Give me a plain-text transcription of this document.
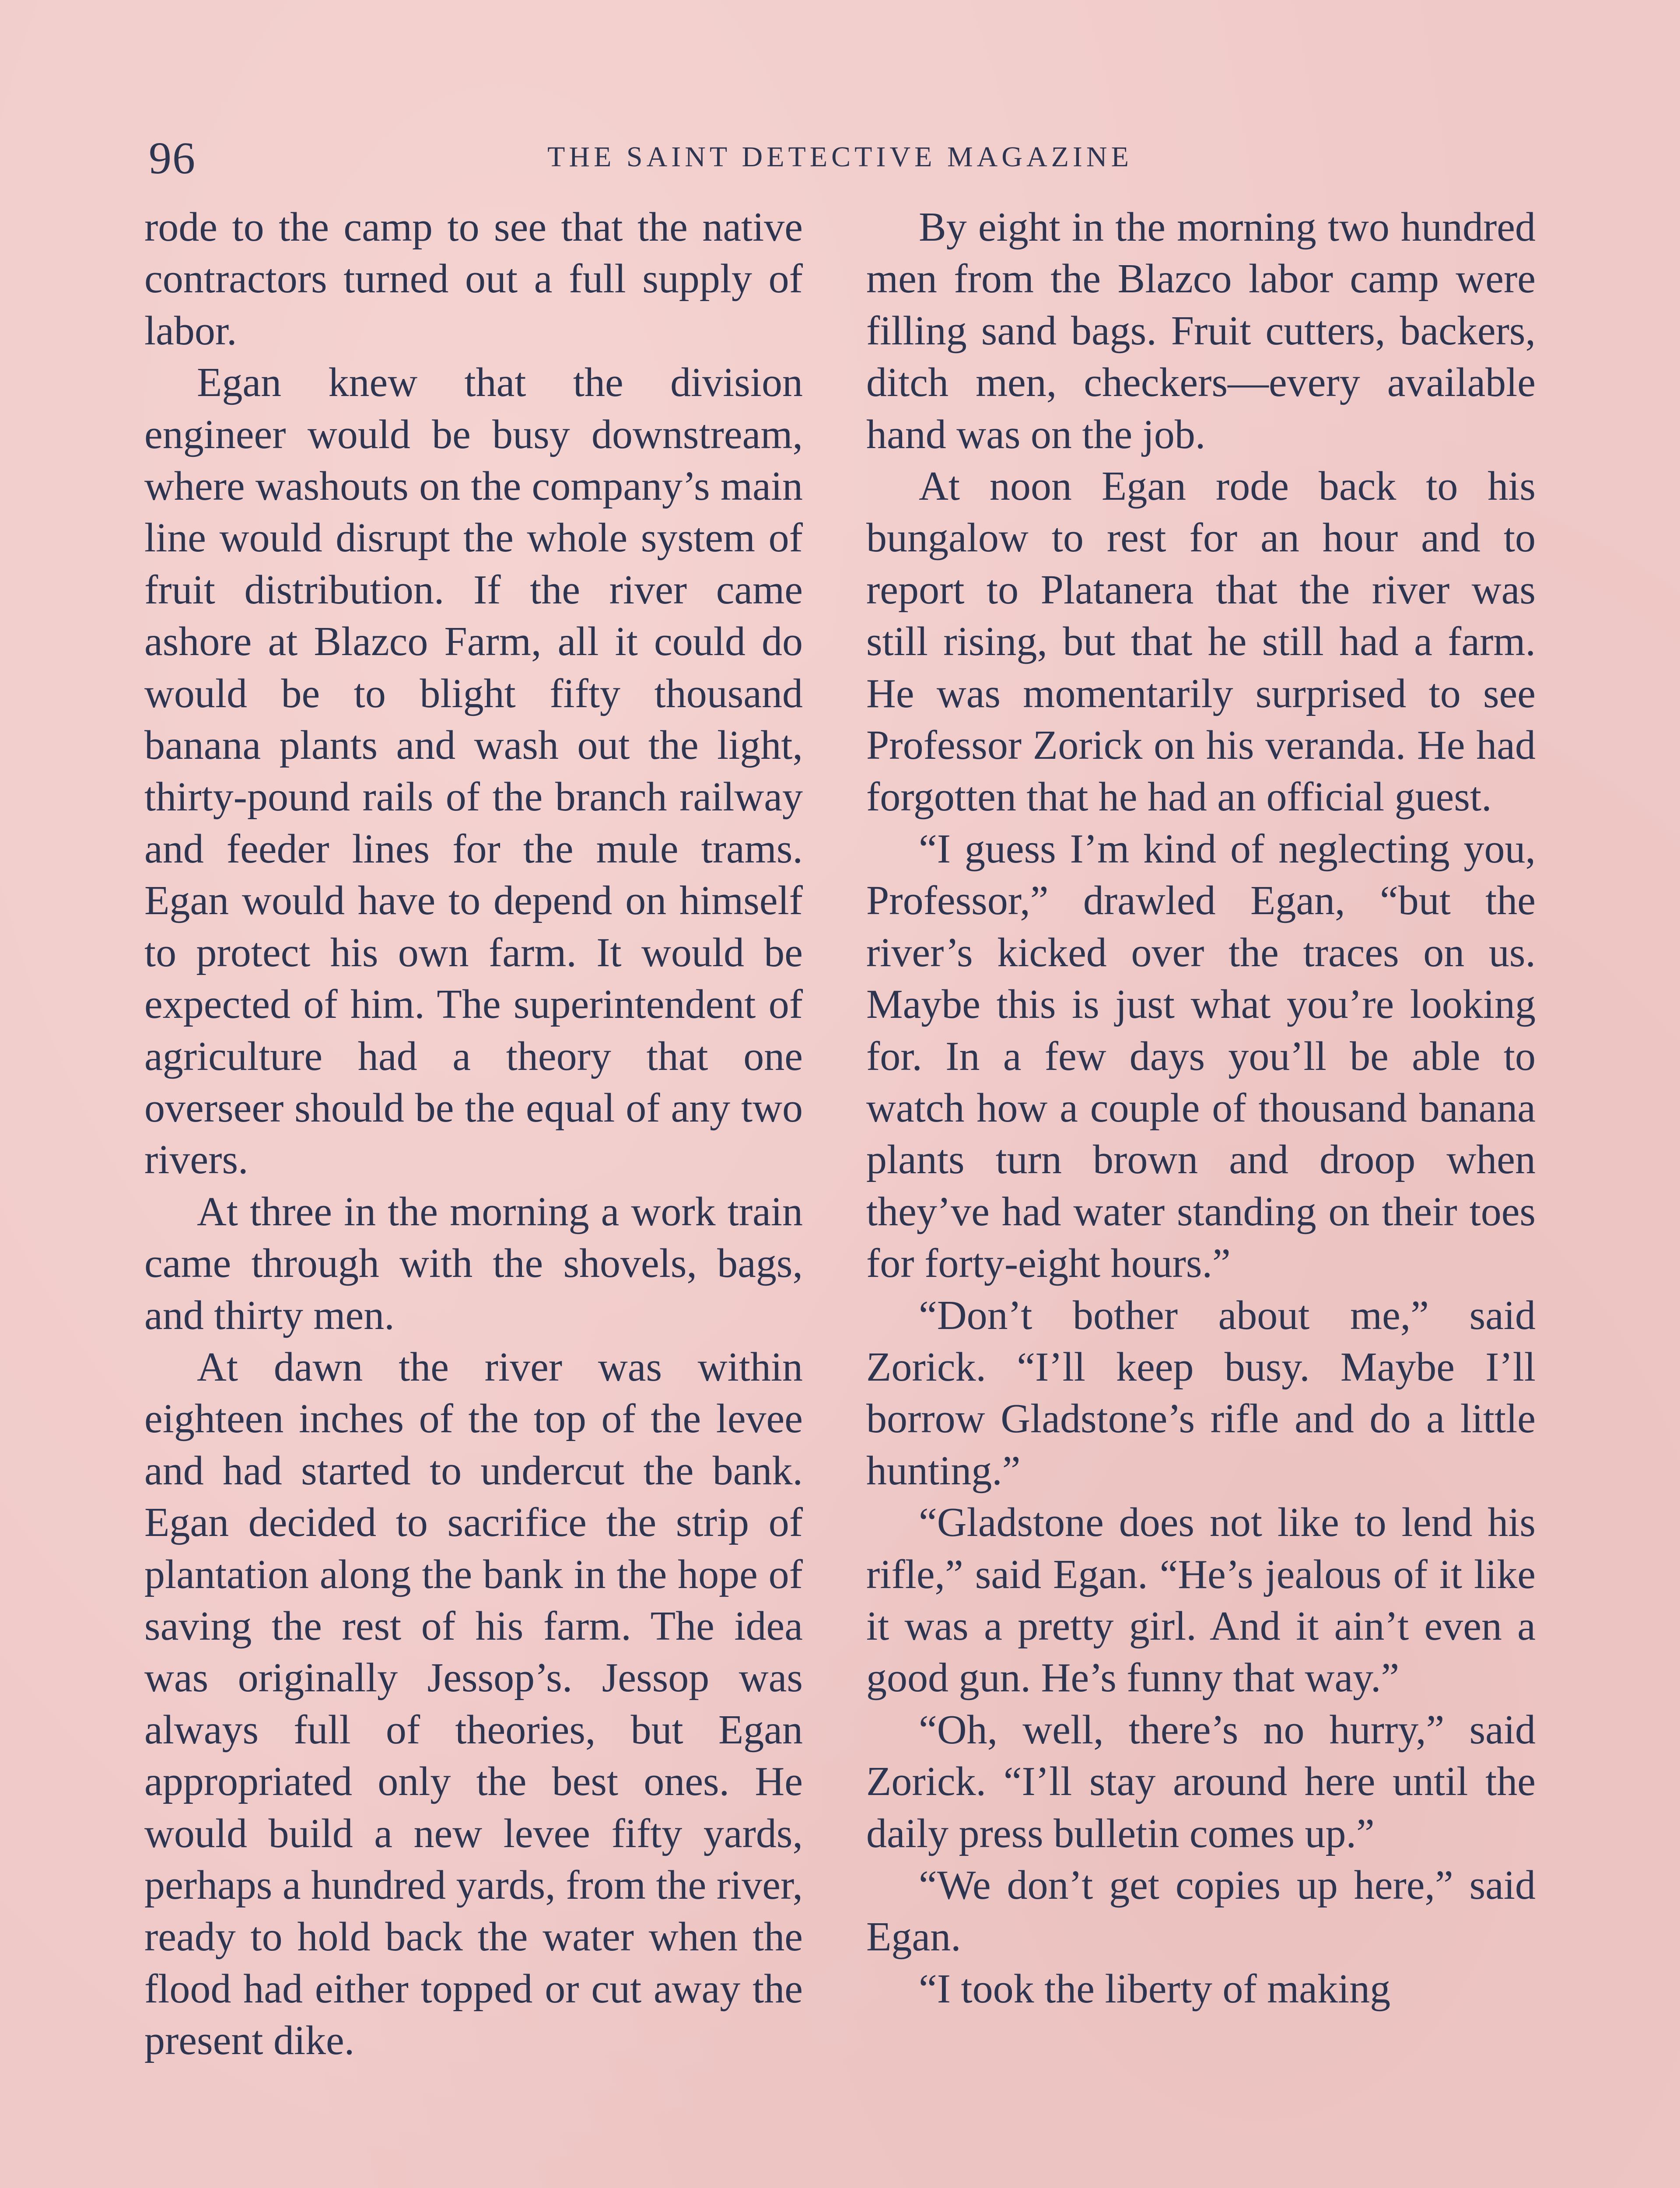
96	THE SAINT DETECTIVE MAGAZINE

rode to the camp to see that the native contractors turned out a full supply of labor.

Egan knew that the division engineer would be busy downstream, where washouts on the company’s main line would disrupt the whole system of fruit distribution. If the river came ashore at Blazco Farm, all it could do would be to blight fifty thousand banana plants and wash out the light, thirty-pound rails of the branch railway and feeder lines for the mule trams. Egan would have to depend on himself to protect his own farm. It would be expected of him. The superintendent of agriculture had a theory that one overseer should be the equal of any two rivers.

At three in the morning a work train came through with the shovels, bags, and thirty men.

At dawn the river was within eighteen inches of the top of the levee and had started to undercut the bank. Egan decided to sacrifice the strip of plantation along the bank in the hope of saving the rest of his farm. The idea was originally Jessop’s. Jessop was always full of theories, but Egan appropriated only the best ones. He would build a new levee fifty yards, perhaps a hundred yards, from the river, ready to hold back the water when the flood had either topped or cut away the present dike.

By eight in the morning two hundred men from the Blazco labor camp were filling sand bags. Fruit cutters, backers, ditch men, checkers—every available hand was on the job.

At noon Egan rode back to his bungalow to rest for an hour and to report to Platanera that the river was still rising, but that he still had a farm. He was momentarily surprised to see Professor Zorick on his veranda. He had forgotten that he had an official guest.

“I guess I’m kind of neglecting you, Professor,” drawled Egan, “but the river’s kicked over the traces on us. Maybe this is just what you’re looking for. In a few days you’ll be able to watch how a couple of thousand banana plants turn brown and droop when they’ve had water standing on their toes for forty-eight hours.”

“Don’t bother about me,” said Zorick. “I’ll keep busy. Maybe I’ll borrow Gladstone’s rifle and do a little hunting.”

“Gladstone does not like to lend his rifle,” said Egan. “He’s jealous of it like it was a pretty girl. And it ain’t even a good gun. He’s funny that way.”

“Oh, well, there’s no hurry,” said Zorick. “I’ll stay around here until the daily press bulletin comes up.”

“We don’t get copies up here,” said Egan.

“I took the liberty of making
